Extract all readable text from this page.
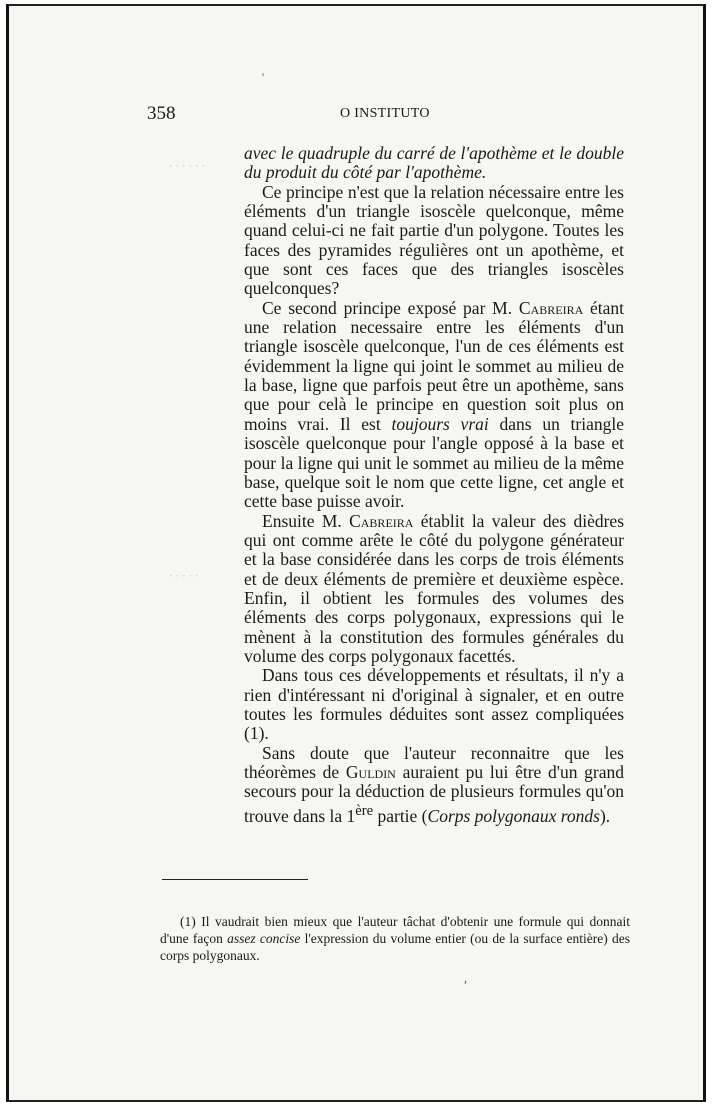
· · · · · ·
· · · · ·
358	O INSTITUTO

avec le quadruple du carré de l'apothème et le double du produit du côté par l'apothème.

Ce principe n'est que la relation nécessaire entre les éléments d'un triangle isoscèle quelconque, même quand celui-ci ne fait partie d'un polygone. Toutes les faces des pyramides régulières ont un apothème, et que sont ces faces que des triangles isoscèles quelconques?

Ce second principe exposé par M. Cabreira étant une relation necessaire entre les éléments d'un triangle isoscèle quelconque, l'un de ces éléments est évidemment la ligne qui joint le sommet au milieu de la base, ligne que parfois peut être un apothème, sans que pour celà le principe en question soit plus on moins vrai. Il est toujours vrai dans un triangle isoscèle quelconque pour l'angle opposé à la base et pour la ligne qui unit le sommet au milieu de la même base, quelque soit le nom que cette ligne, cet angle et cette base puisse avoir.

Ensuite M. Cabreira établit la valeur des dièdres qui ont comme arête le côté du polygone générateur et la base considérée dans les corps de trois éléments et de deux éléments de première et deuxième espèce. Enfin, il obtient les formules des volumes des éléments des corps polygonaux, expressions qui le mènent à la constitution des formules générales du volume des corps polygonaux facettés.

Dans tous ces développements et résultats, il n'y a rien d'intéressant ni d'original à signaler, et en outre toutes les formules déduites sont assez compliquées (1).

Sans doute que l'auteur reconnaitre que les théorèmes de Guldin auraient pu lui être d'un grand secours pour la déduction de plusieurs formules qu'on trouve dans la 1ère partie (Corps polygonaux ronds).

(1) Il vaudrait bien mieux que l'auteur tâchat d'obtenir une formule qui donnait d'une façon assez concise l'expression du volume entier (ou de la surface entière) des corps polygonaux.

'
,
